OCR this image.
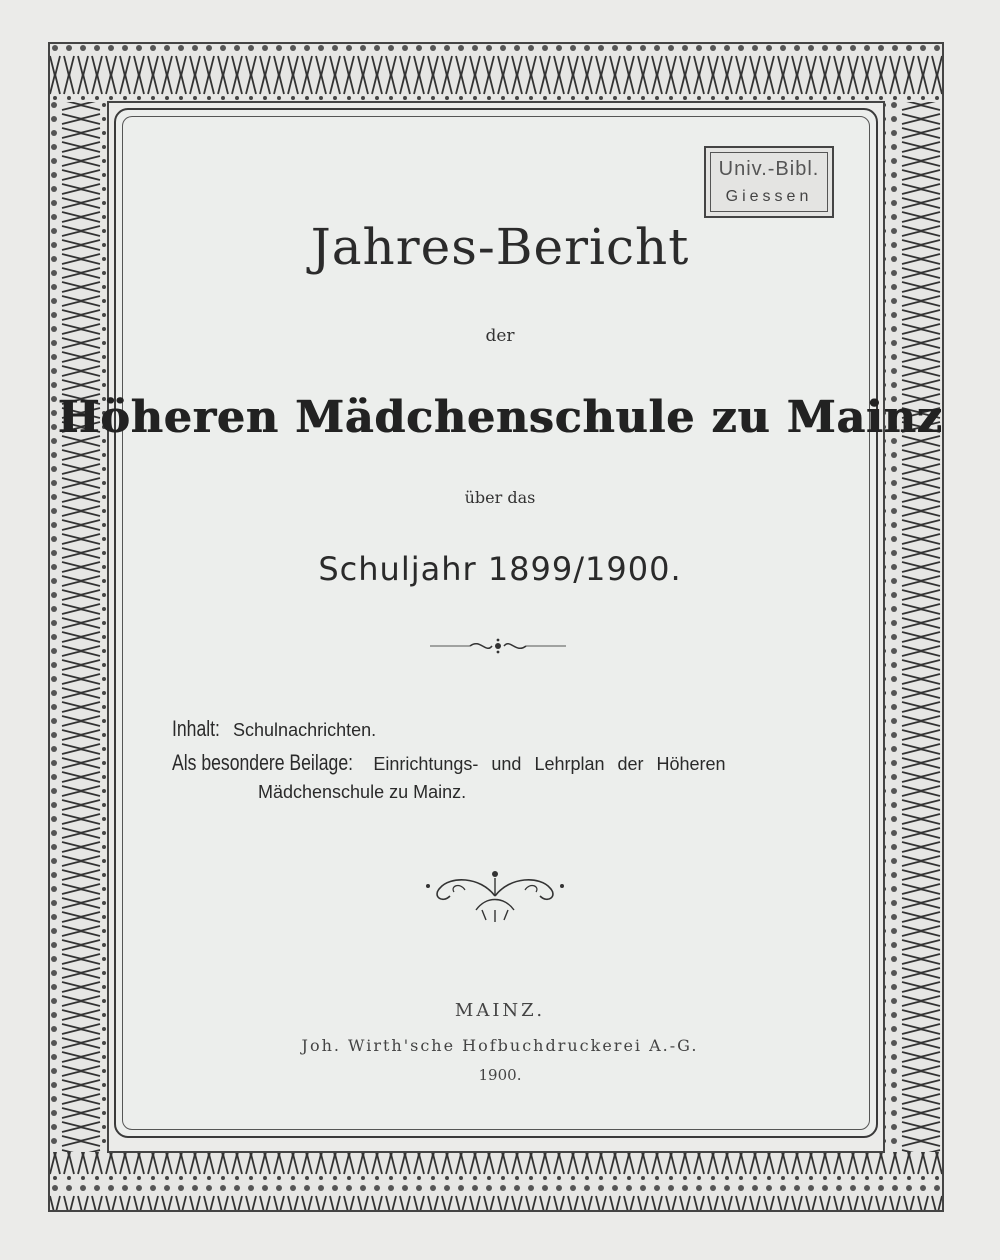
Univ.-Bibl.
Giessen
Jahres-Bericht
der
Höheren Mädchenschule zu Mainz
über das
Schuljahr 1899/1900.
Inhalt: Schulnachrichten.
Als besondere Beilage: Einrichtungs- und Lehrplan der Höheren
Mädchenschule zu Mainz.
MAINZ.
Joh. Wirth'sche Hofbuchdruckerei A.-G.
1900.
